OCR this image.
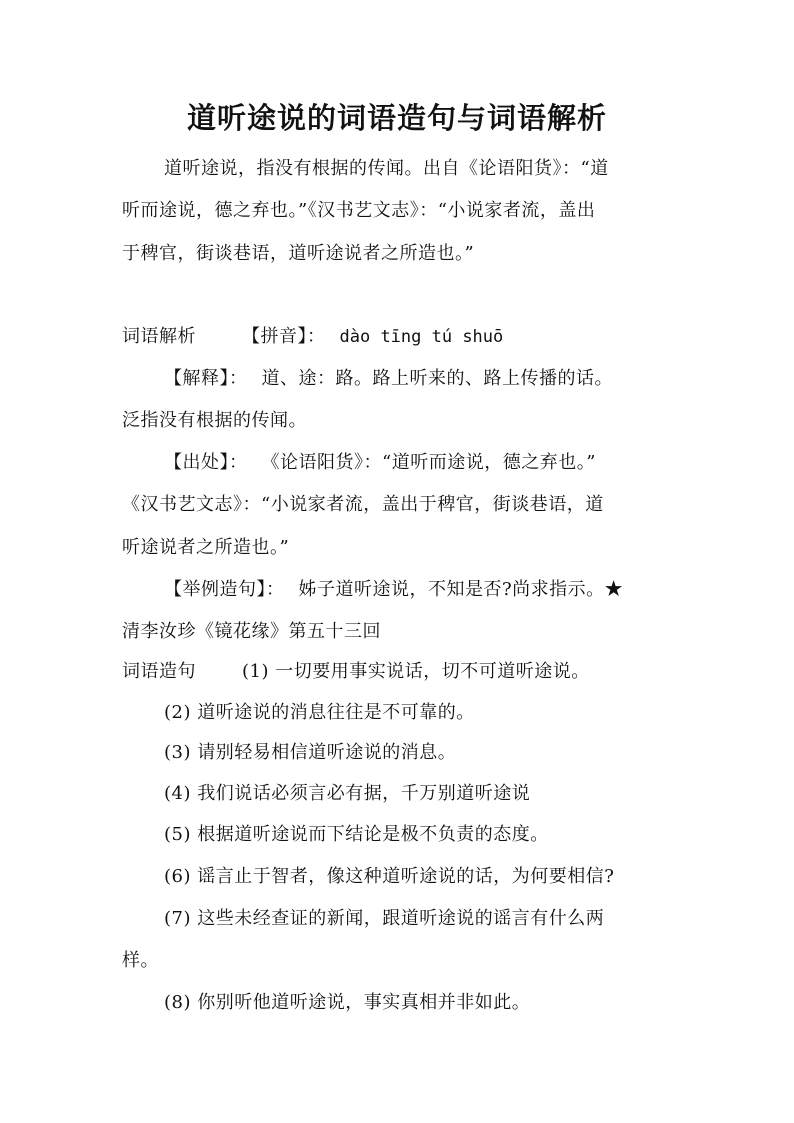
道听途说的词语造句与词语解析
道听途说，指没有根据的传闻。出自《论语阳货》：“道
听而途说，德之弃也。”《汉书艺文志》：“小说家者流，盖出
于稗官，街谈巷语，道听途说者之所造也。”
词语解析	【拼音】： dào tīng tú shuō
【解释】： 道、途：路。路上听来的、路上传播的话。
泛指没有根据的传闻。
【出处】： 《论语阳货》：“道听而途说，德之弃也。”
《汉书艺文志》：“小说家者流，盖出于稗官，街谈巷语，道
听途说者之所造也。”
【举例造句】： 姊子道听途说，不知是否?尚求指示。★
清李汝珍《镜花缘》第五十三回
词语造句	(1) 一切要用事实说话，切不可道听途说。
(2) 道听途说的消息往往是不可靠的。
(3) 请别轻易相信道听途说的消息。
(4) 我们说话必须言必有据，千万别道听途说
(5) 根据道听途说而下结论是极不负责的态度。
(6) 谣言止于智者，像这种道听途说的话，为何要相信?
(7) 这些未经查证的新闻，跟道听途说的谣言有什么两
样。
(8) 你别听他道听途说，事实真相并非如此。
